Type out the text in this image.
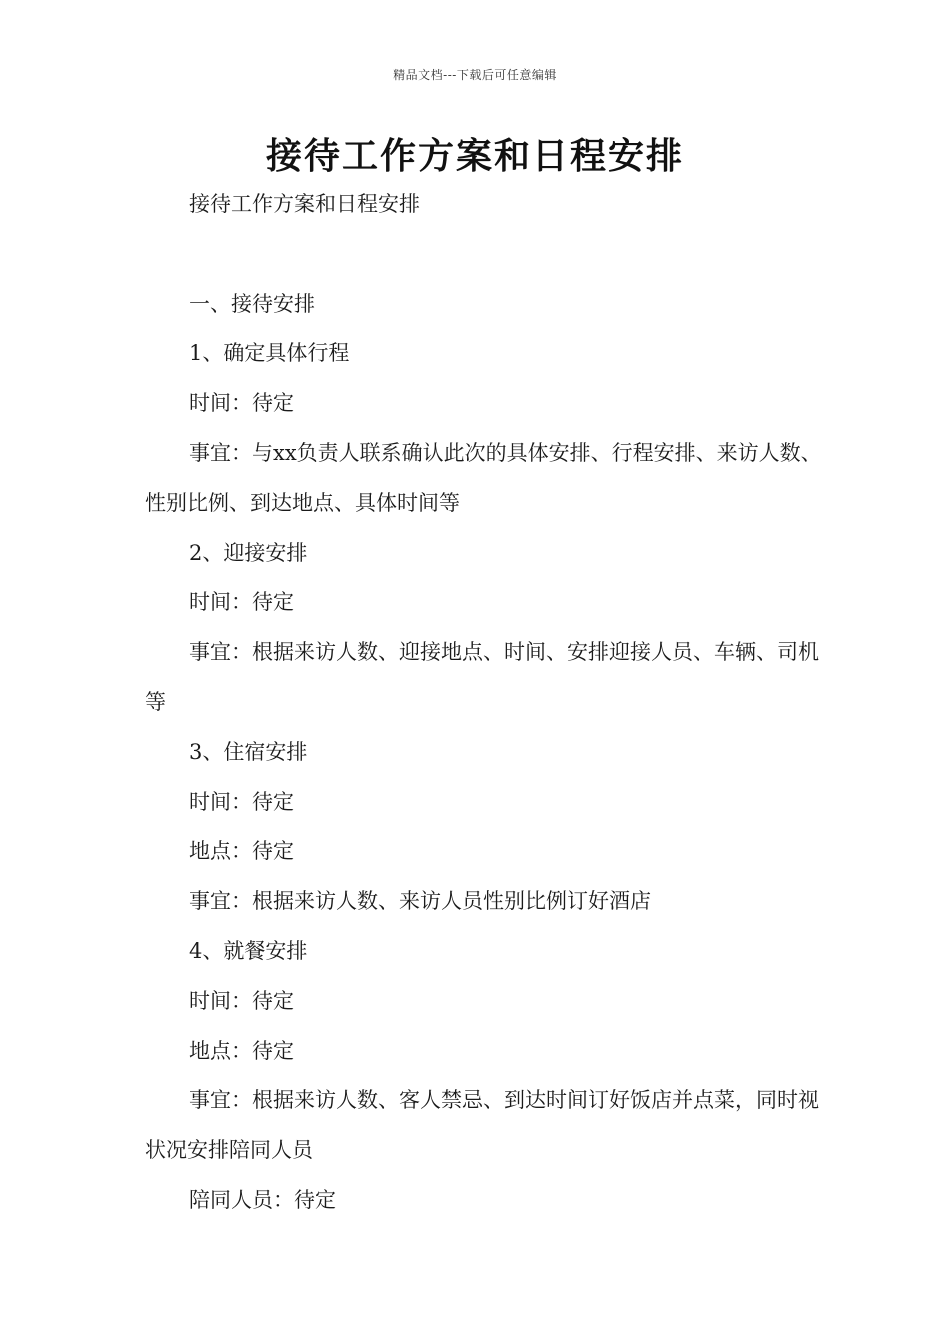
精品文档---下载后可任意编辑
接待工作方案和日程安排

接待工作方案和日程安排

一、接待安排

1、确定具体行程

时间：待定

事宜：与xx负责人联系确认此次的具体安排、行程安排、来访人数、性别比例、到达地点、具体时间等

2、迎接安排

时间：待定

事宜：根据来访人数、迎接地点、时间、安排迎接人员、车辆、司机等

3、住宿安排

时间：待定

地点：待定

事宜：根据来访人数、来访人员性别比例订好酒店

4、就餐安排

时间：待定

地点：待定

事宜：根据来访人数、客人禁忌、到达时间订好饭店并点菜，同时视状况安排陪同人员

陪同人员：待定
